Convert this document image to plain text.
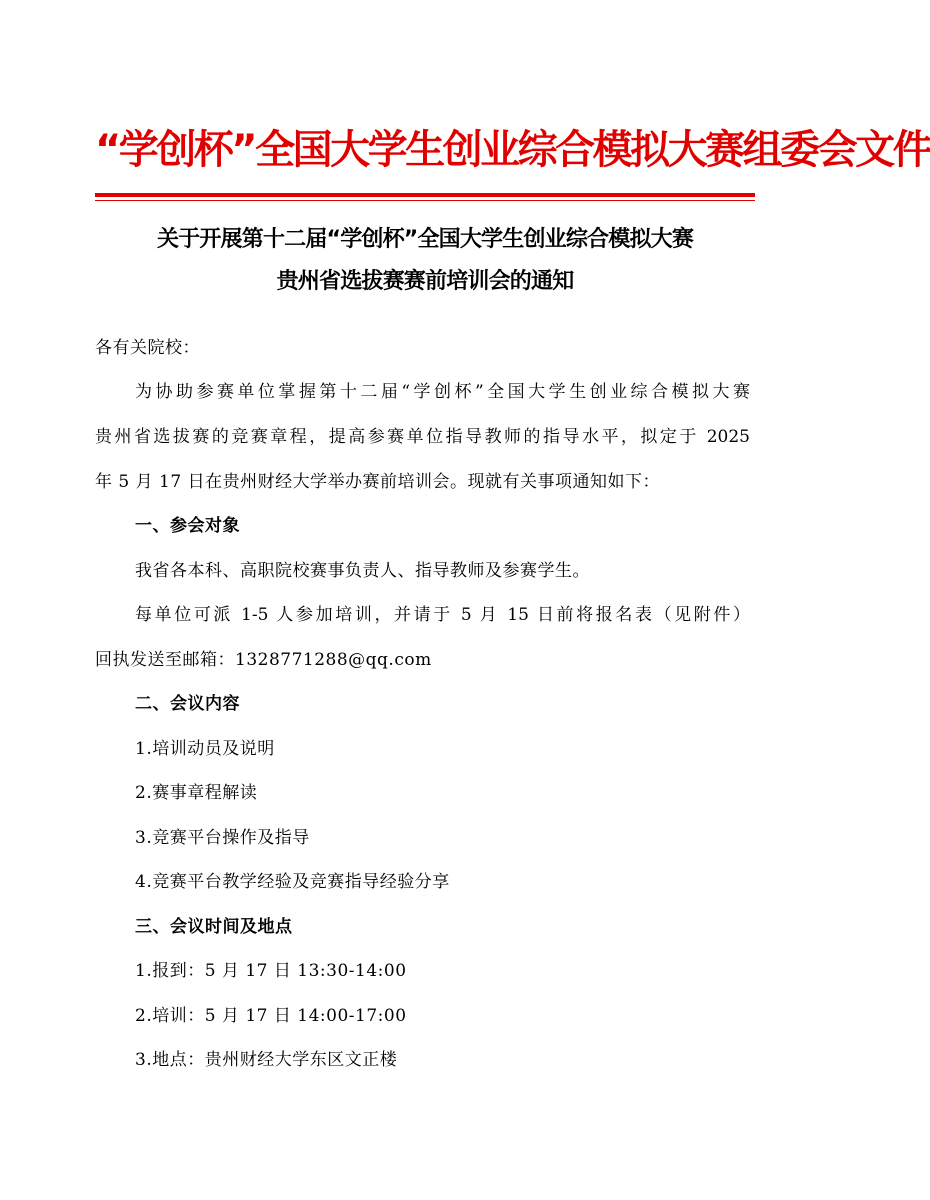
“学创杯”全国大学生创业综合模拟大赛组委会文件
关于开展第十二届“学创杯”全国大学生创业综合模拟大赛
贵州省选拔赛赛前培训会的通知
各有关院校：
为协助参赛单位掌握第十二届“学创杯”全国大学生创业综合模拟大赛
贵州省选拔赛的竞赛章程，提高参赛单位指导教师的指导水平，拟定于 2025
年 5 月 17 日在贵州财经大学举办赛前培训会。现就有关事项通知如下：
一、参会对象
我省各本科、高职院校赛事负责人、指导教师及参赛学生。
每单位可派 1-5 人参加培训，并请于 5 月 15 日前将报名表（见附件）
回执发送至邮箱：1328771288@qq.com
二、会议内容
1.培训动员及说明
2.赛事章程解读
3.竞赛平台操作及指导
4.竞赛平台教学经验及竞赛指导经验分享
三、会议时间及地点
1.报到：5 月 17 日 13:30-14:00
2.培训：5 月 17 日 14:00-17:00
3.地点：贵州财经大学东区文正楼
